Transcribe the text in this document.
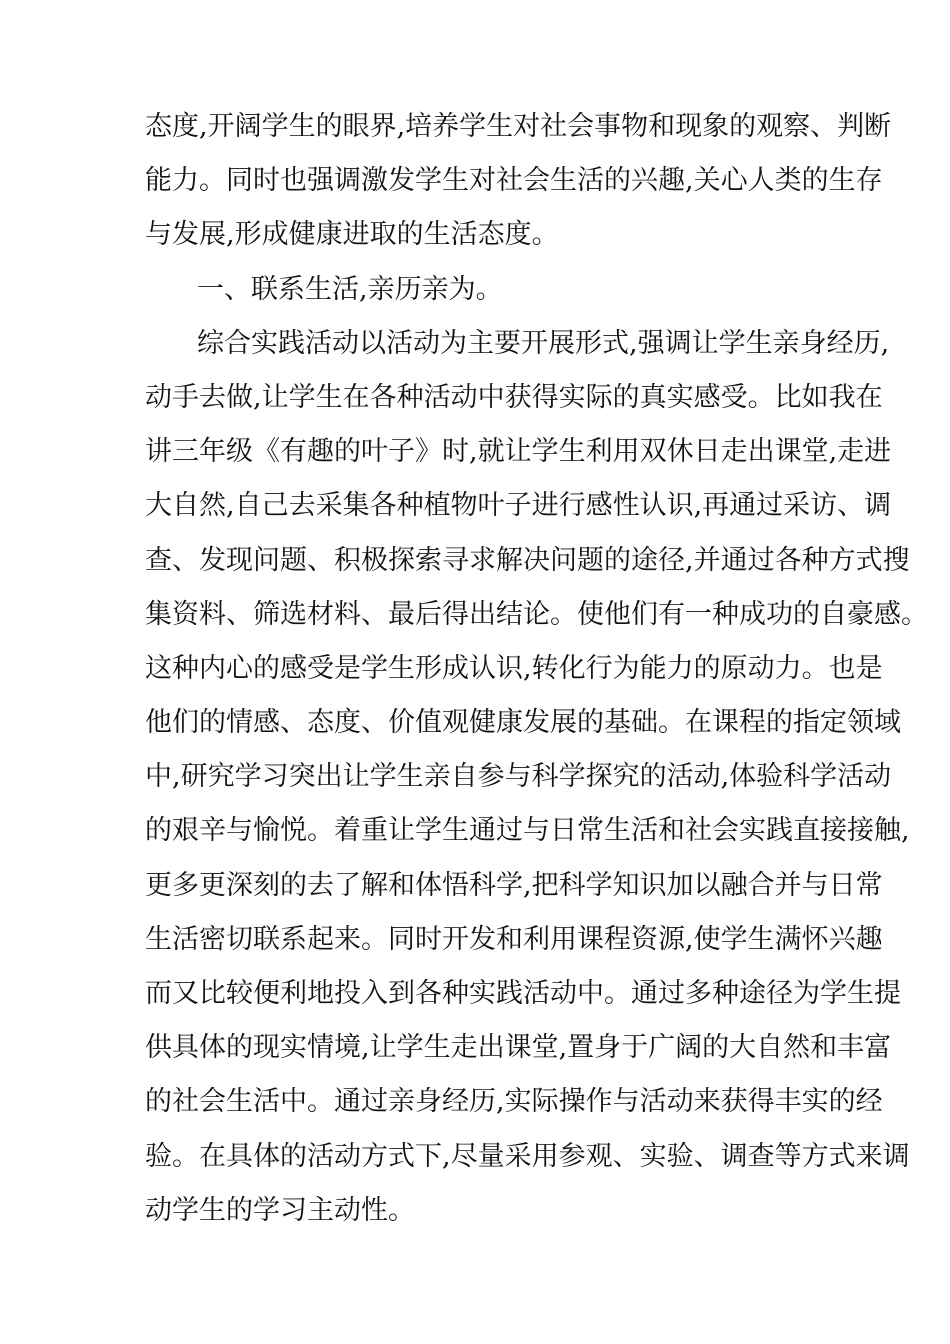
态度,开阔学生的眼界,培养学生对社会事物和现象的观察、判断
能力。同时也强调激发学生对社会生活的兴趣,关心人类的生存
与发展,形成健康进取的生活态度。
一、联系生活,亲历亲为。
综合实践活动以活动为主要开展形式,强调让学生亲身经历,
动手去做,让学生在各种活动中获得实际的真实感受。比如我在
讲三年级《有趣的叶子》时,就让学生利用双休日走出课堂,走进
大自然,自己去采集各种植物叶子进行感性认识,再通过采访、调
查、发现问题、积极探索寻求解决问题的途径,并通过各种方式搜
集资料、筛选材料、最后得出结论。使他们有一种成功的自豪感。
这种内心的感受是学生形成认识,转化行为能力的原动力。也是
他们的情感、态度、价值观健康发展的基础。在课程的指定领域
中,研究学习突出让学生亲自参与科学探究的活动,体验科学活动
的艰辛与愉悦。着重让学生通过与日常生活和社会实践直接接触,
更多更深刻的去了解和体悟科学,把科学知识加以融合并与日常
生活密切联系起来。同时开发和利用课程资源,使学生满怀兴趣
而又比较便利地投入到各种实践活动中。通过多种途径为学生提
供具体的现实情境,让学生走出课堂,置身于广阔的大自然和丰富
的社会生活中。通过亲身经历,实际操作与活动来获得丰实的经
验。在具体的活动方式下,尽量采用参观、实验、调查等方式来调
动学生的学习主动性。
